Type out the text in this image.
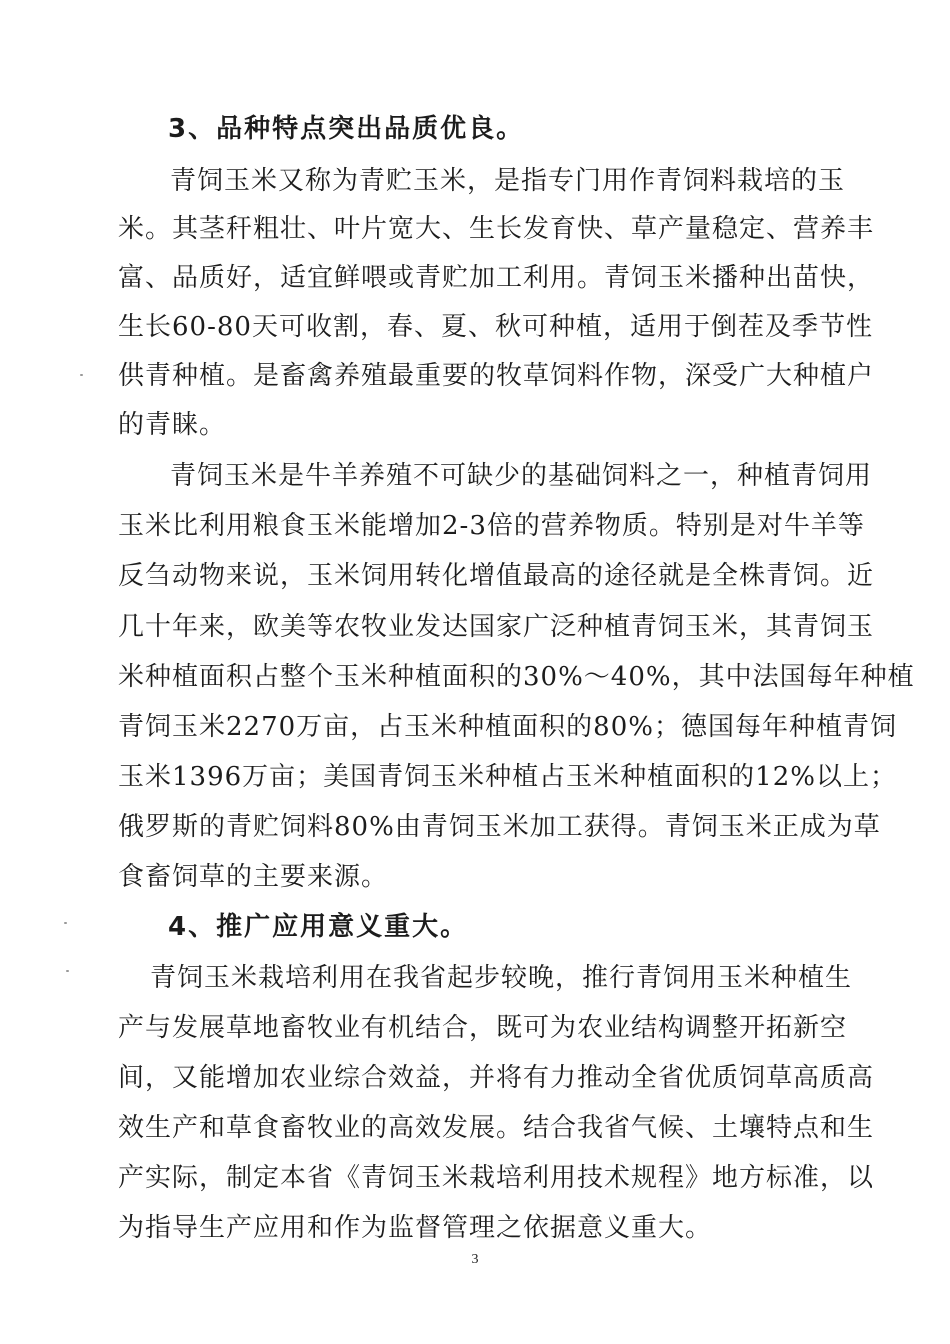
3、品种特点突出品质优良。
青饲玉米又称为青贮玉米，是指专门用作青饲料栽培的玉
米。其茎秆粗壮、叶片宽大、生长发育快、草产量稳定、营养丰
富、品质好，适宜鲜喂或青贮加工利用。青饲玉米播种出苗快，
生长60-80天可收割，春、夏、秋可种植，适用于倒茬及季节性
供青种植。是畜禽养殖最重要的牧草饲料作物，深受广大种植户
的青睐。
青饲玉米是牛羊养殖不可缺少的基础饲料之一，种植青饲用
玉米比利用粮食玉米能增加2-3倍的营养物质。特别是对牛羊等
反刍动物来说，玉米饲用转化增值最高的途径就是全株青饲。近
几十年来，欧美等农牧业发达国家广泛种植青饲玉米，其青饲玉
米种植面积占整个玉米种植面积的30%～40%，其中法国每年种植
青饲玉米2270万亩，占玉米种植面积的80%；德国每年种植青饲
玉米1396万亩；美国青饲玉米种植占玉米种植面积的12%以上；
俄罗斯的青贮饲料80%由青饲玉米加工获得。青饲玉米正成为草
食畜饲草的主要来源。
4、推广应用意义重大。
青饲玉米栽培利用在我省起步较晚，推行青饲用玉米种植生
产与发展草地畜牧业有机结合，既可为农业结构调整开拓新空
间，又能增加农业综合效益，并将有力推动全省优质饲草高质高
效生产和草食畜牧业的高效发展。结合我省气候、土壤特点和生
产实际，制定本省《青饲玉米栽培利用技术规程》地方标准，以
为指导生产应用和作为监督管理之依据意义重大。
3
